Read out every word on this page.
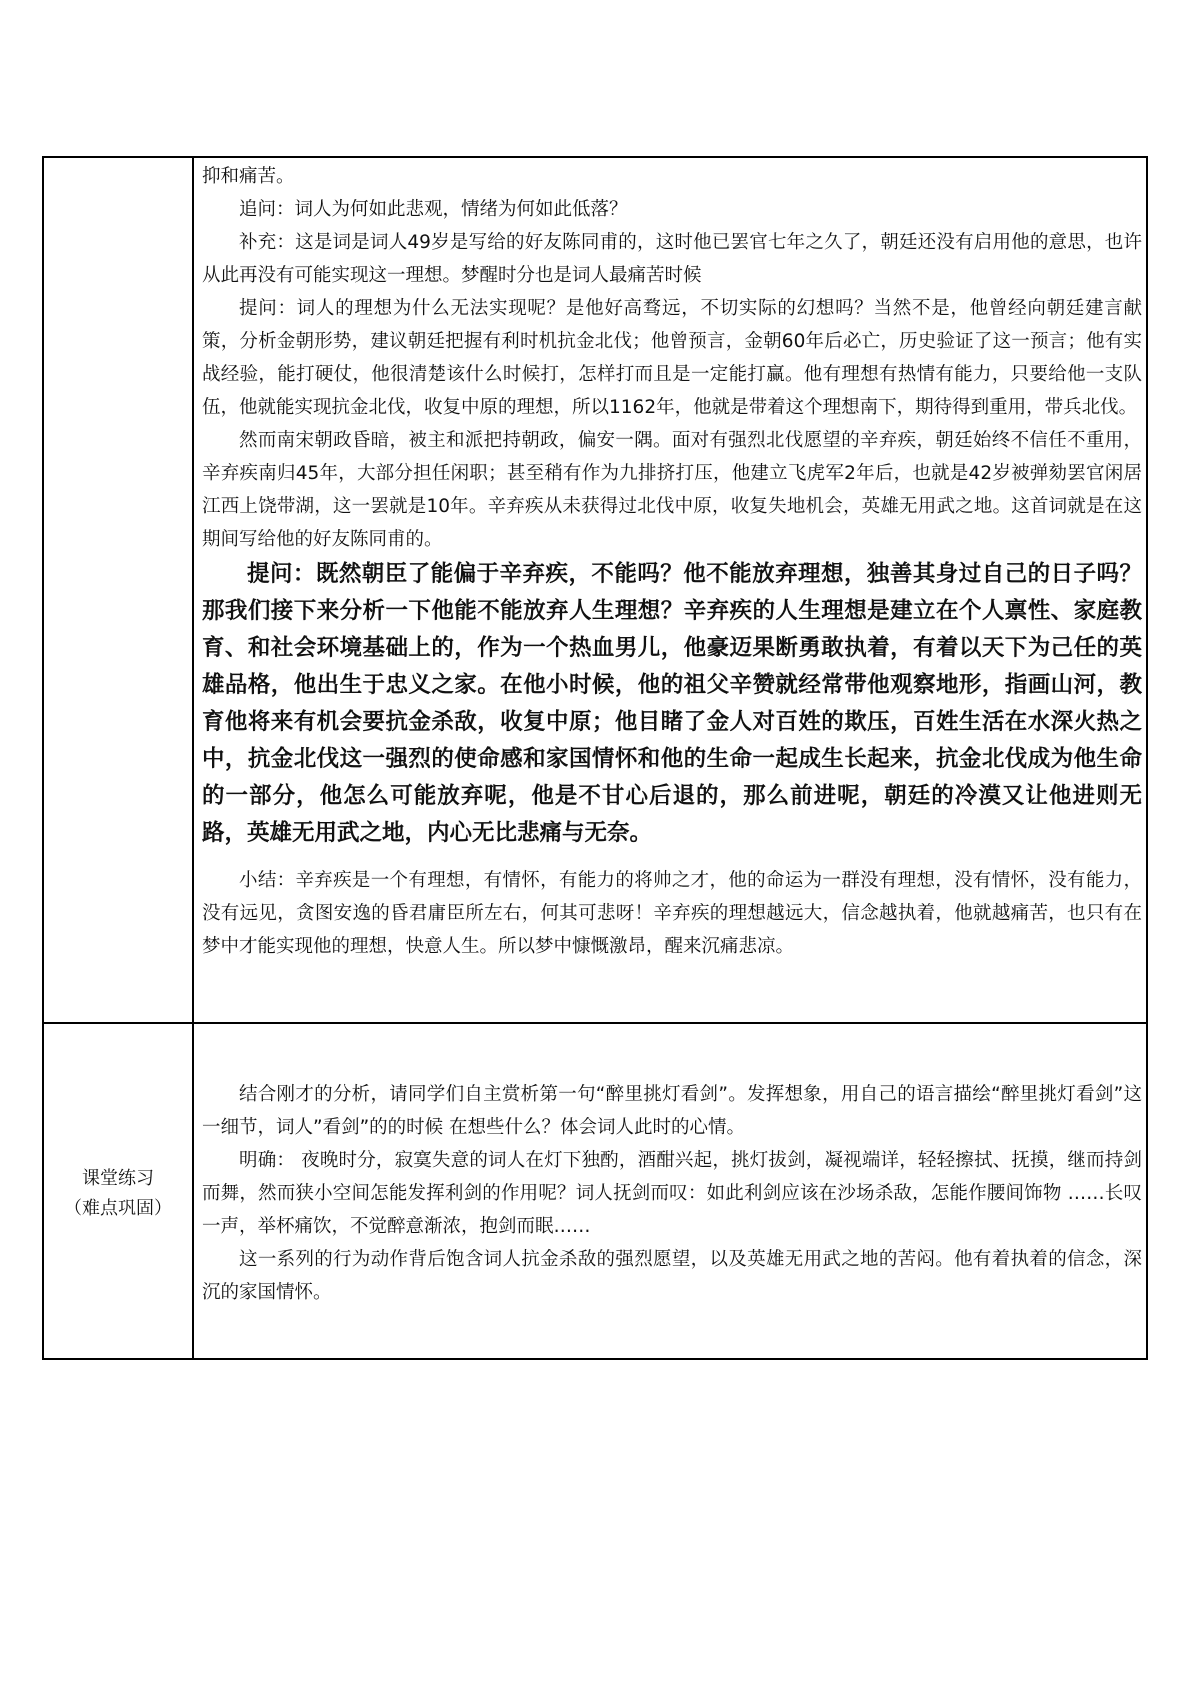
抑和痛苦。

追问：词人为何如此悲观，情绪为何如此低落？

补充：这是词是词人49岁是写给的好友陈同甫的，这时他已罢官七年之久了，朝廷还没有启用他的意思，也许从此再没有可能实现这一理想。梦醒时分也是词人最痛苦时候

提问：词人的理想为什么无法实现呢？是他好高骛远，不切实际的幻想吗？当然不是，他曾经向朝廷建言献策，分析金朝形势，建议朝廷把握有利时机抗金北伐；他曾预言，金朝60年后必亡，历史验证了这一预言；他有实战经验，能打硬仗，他很清楚该什么时候打，怎样打而且是一定能打赢。他有理想有热情有能力，只要给他一支队伍，他就能实现抗金北伐，收复中原的理想，所以1162年，他就是带着这个理想南下，期待得到重用，带兵北伐。

然而南宋朝政昏暗，被主和派把持朝政，偏安一隅。面对有强烈北伐愿望的辛弃疾，朝廷始终不信任不重用，辛弃疾南归45年，大部分担任闲职；甚至稍有作为九排挤打压，他建立飞虎军2年后，也就是42岁被弹劾罢官闲居江西上饶带湖，这一罢就是10年。辛弃疾从未获得过北伐中原，收复失地机会，英雄无用武之地。这首词就是在这期间写给他的好友陈同甫的。

提问：既然朝臣了能偏于辛弃疾，不能吗？他不能放弃理想，独善其身过自己的日子吗？那我们接下来分析一下他能不能放弃人生理想？辛弃疾的人生理想是建立在个人禀性、家庭教育、和社会环境基础上的，作为一个热血男儿，他豪迈果断勇敢执着，有着以天下为己任的英雄品格，他出生于忠义之家。在他小时候，他的祖父辛赞就经常带他观察地形，指画山河，教育他将来有机会要抗金杀敌，收复中原；他目睹了金人对百姓的欺压，百姓生活在水深火热之中，抗金北伐这一强烈的使命感和家国情怀和他的生命一起成生长起来，抗金北伐成为他生命的一部分，他怎么可能放弃呢，他是不甘心后退的，那么前进呢，朝廷的冷漠又让他进则无路，英雄无用武之地，内心无比悲痛与无奈。

小结：辛弃疾是一个有理想，有情怀，有能力的将帅之才，他的命运为一群没有理想，没有情怀，没有能力，没有远见，贪图安逸的昏君庸臣所左右，何其可悲呀！辛弃疾的理想越远大，信念越执着，他就越痛苦，也只有在梦中才能实现他的理想，快意人生。所以梦中慷慨激昂，醒来沉痛悲凉。

课堂练习
（难点巩固）

结合刚才的分析，请同学们自主赏析第一句“醉里挑灯看剑”。发挥想象，用自己的语言描绘“醉里挑灯看剑”这一细节，词人”看剑”的的时候 在想些什么？体会词人此时的心情。

明确： 夜晚时分，寂寞失意的词人在灯下独酌，酒酣兴起，挑灯拔剑，凝视端详，轻轻擦拭、抚摸，继而持剑而舞，然而狭小空间怎能发挥利剑的作用呢？词人抚剑而叹：如此利剑应该在沙场杀敌，怎能作腰间饰物 ……长叹一声，举杯痛饮，不觉醉意渐浓，抱剑而眠……

这一系列的行为动作背后饱含词人抗金杀敌的强烈愿望，以及英雄无用武之地的苦闷。他有着执着的信念，深沉的家国情怀。
